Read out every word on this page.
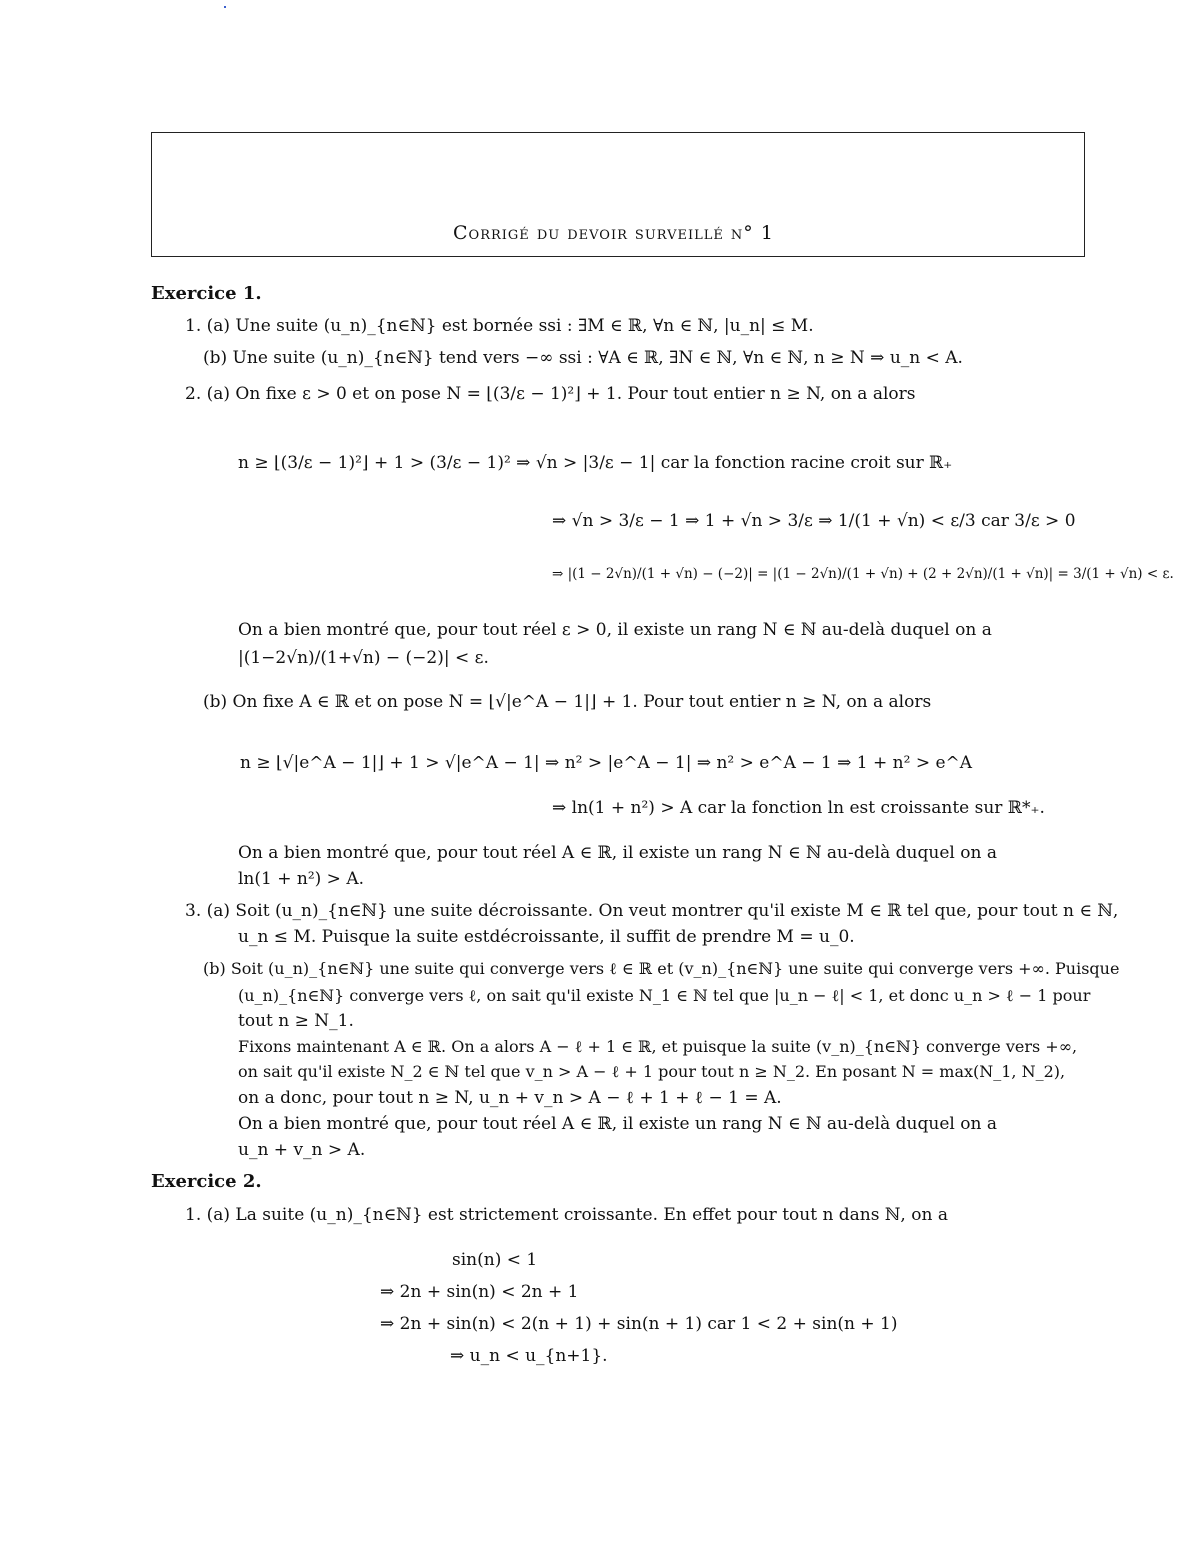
Corrigé du devoir surveillé n° 1
Exercice 1.
1. (a) Une suite (u_n)_{n∈ℕ} est bornée ssi : ∃M ∈ ℝ, ∀n ∈ ℕ, |u_n| ≤ M.
(b) Une suite (u_n)_{n∈ℕ} tend vers −∞ ssi : ∀A ∈ ℝ, ∃N ∈ ℕ, ∀n ∈ ℕ, n ≥ N ⇒ u_n < A.
2. (a) On fixe ε > 0 et on pose N = ⌊(3/ε − 1)²⌋ + 1. Pour tout entier n ≥ N, on a alors
n ≥ ⌊(3/ε − 1)²⌋ + 1 > (3/ε − 1)² ⇒ √n > |3/ε − 1| car la fonction racine croit sur ℝ₊
⇒ √n > 3/ε − 1 ⇒ 1 + √n > 3/ε ⇒ 1/(1 + √n) < ε/3 car 3/ε > 0
⇒ |(1 − 2√n)/(1 + √n) − (−2)| = |(1 − 2√n)/(1 + √n) + (2 + 2√n)/(1 + √n)| = 3/(1 + √n) < ε.
On a bien montré que, pour tout réel ε > 0, il existe un rang N ∈ ℕ au-delà duquel on a
|(1−2√n)/(1+√n) − (−2)| < ε.
(b) On fixe A ∈ ℝ et on pose N = ⌊√|e^A − 1|⌋ + 1. Pour tout entier n ≥ N, on a alors
n ≥ ⌊√|e^A − 1|⌋ + 1 > √|e^A − 1| ⇒ n² > |e^A − 1| ⇒ n² > e^A − 1 ⇒ 1 + n² > e^A
⇒ ln(1 + n²) > A car la fonction ln est croissante sur ℝ*₊.
On a bien montré que, pour tout réel A ∈ ℝ, il existe un rang N ∈ ℕ au-delà duquel on a
ln(1 + n²) > A.
3. (a) Soit (u_n)_{n∈ℕ} une suite décroissante. On veut montrer qu'il existe M ∈ ℝ tel que, pour tout n ∈ ℕ,
u_n ≤ M. Puisque la suite estdécroissante, il suffit de prendre M = u_0.
(b) Soit (u_n)_{n∈ℕ} une suite qui converge vers ℓ ∈ ℝ et (v_n)_{n∈ℕ} une suite qui converge vers +∞. Puisque
(u_n)_{n∈ℕ} converge vers ℓ, on sait qu'il existe N_1 ∈ ℕ tel que |u_n − ℓ| < 1, et donc u_n > ℓ − 1 pour
tout n ≥ N_1.
Fixons maintenant A ∈ ℝ. On a alors A − ℓ + 1 ∈ ℝ, et puisque la suite (v_n)_{n∈ℕ} converge vers +∞,
on sait qu'il existe N_2 ∈ ℕ tel que v_n > A − ℓ + 1 pour tout n ≥ N_2. En posant N = max(N_1, N_2),
on a donc, pour tout n ≥ N, u_n + v_n > A − ℓ + 1 + ℓ − 1 = A.
On a bien montré que, pour tout réel A ∈ ℝ, il existe un rang N ∈ ℕ au-delà duquel on a
u_n + v_n > A.
Exercice 2.
1. (a) La suite (u_n)_{n∈ℕ} est strictement croissante. En effet pour tout n dans ℕ, on a
sin(n) < 1
⇒ 2n + sin(n) < 2n + 1
⇒ 2n + sin(n) < 2(n + 1) + sin(n + 1) car 1 < 2 + sin(n + 1)
⇒ u_n < u_{n+1}.
